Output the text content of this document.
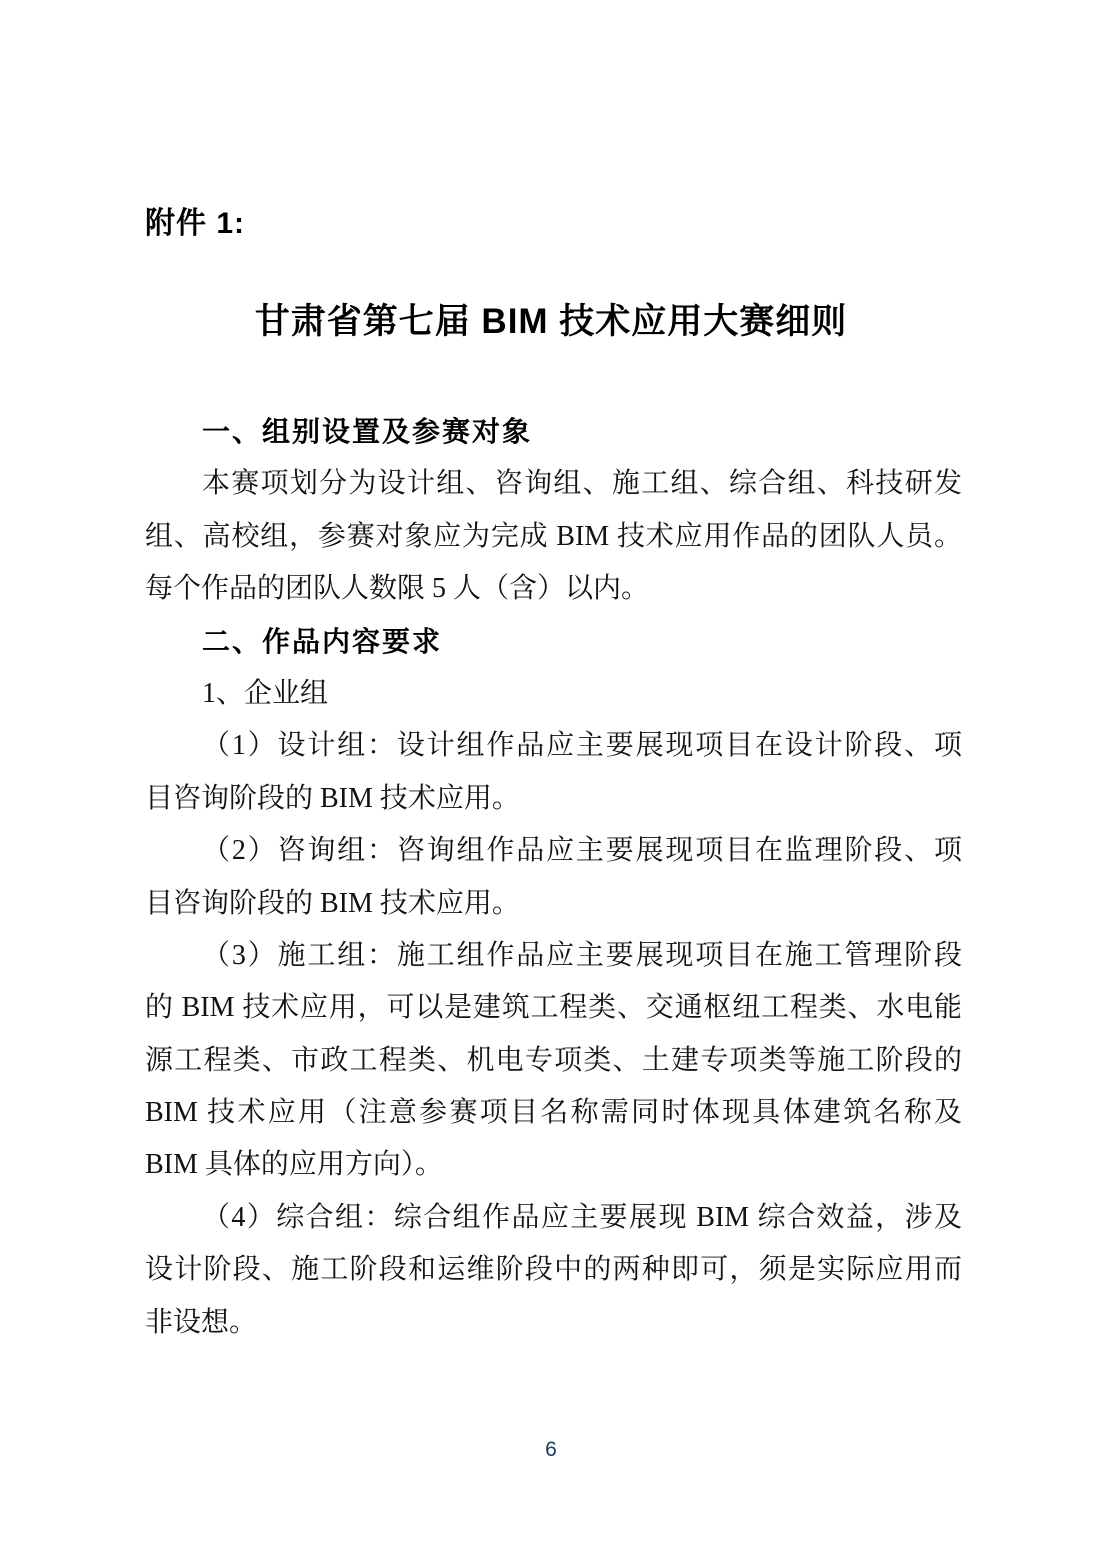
附件 1:
甘肃省第七届 BIM 技术应用大赛细则
一、组别设置及参赛对象
本赛项划分为设计组、咨询组、施工组、综合组、科技研发
组、高校组，参赛对象应为完成 BIM 技术应用作品的团队人员。
每个作品的团队人数限 5 人（含）以内。
二、作品内容要求
1、企业组
（1）设计组：设计组作品应主要展现项目在设计阶段、项
目咨询阶段的 BIM 技术应用。
（2）咨询组：咨询组作品应主要展现项目在监理阶段、项
目咨询阶段的 BIM 技术应用。
（3）施工组：施工组作品应主要展现项目在施工管理阶段
的 BIM 技术应用，可以是建筑工程类、交通枢纽工程类、水电能
源工程类、市政工程类、机电专项类、土建专项类等施工阶段的
BIM 技术应用（注意参赛项目名称需同时体现具体建筑名称及
BIM 具体的应用方向）。
（4）综合组：综合组作品应主要展现 BIM 综合效益，涉及
设计阶段、施工阶段和运维阶段中的两种即可，须是实际应用而
非设想。
6
